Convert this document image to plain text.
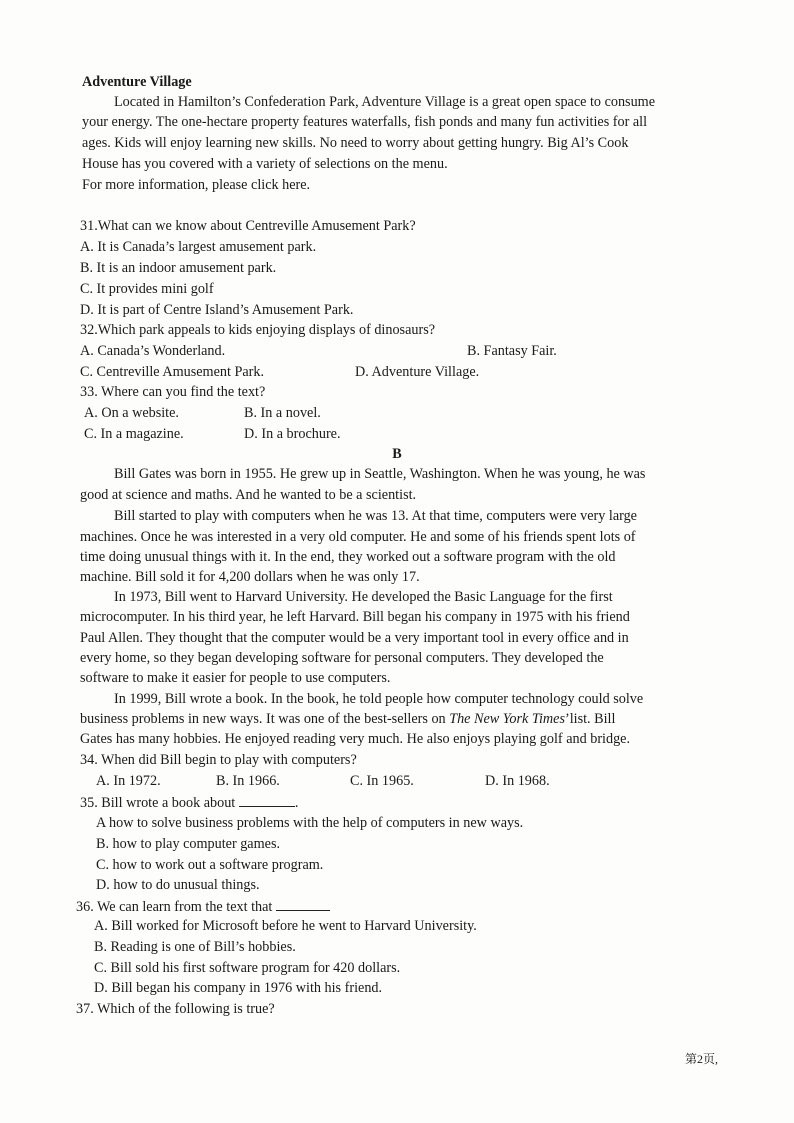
Adventure Village
Located in Hamilton’s Confederation Park, Adventure Village is a great open space to consume
your energy. The one-hectare property features waterfalls, fish ponds and many fun activities for all
ages. Kids will enjoy learning new skills. No need to worry about getting hungry. Big Al’s Cook
House has you covered with a variety of selections on the menu.
For more information, please click here.
31.What can we know about Centreville Amusement Park?
A. It is Canada’s largest amusement park.
B. It is an indoor amusement park.
C. It provides mini golf
D. It is part of Centre Island’s Amusement Park.
32.Which park appeals to kids enjoying displays of dinosaurs?
A. Canada’s Wonderland.	B. Fantasy Fair.
C. Centreville Amusement Park.	D. Adventure Village.
33. Where can you find the text?
A. On a website.	B. In a novel.
C. In a magazine.	D. In a brochure.
B
Bill Gates was born in 1955. He grew up in Seattle, Washington. When he was young, he was
good at science and maths. And he wanted to be a scientist.
Bill started to play with computers when he was 13. At that time, computers were very large
machines. Once he was interested in a very old computer. He and some of his friends spent lots of
time doing unusual things with it. In the end, they worked out a software program with the old
machine. Bill sold it for 4,200 dollars when he was only 17.
In 1973, Bill went to Harvard University. He developed the Basic Language for the first
microcomputer. In his third year, he left Harvard. Bill began his company in 1975 with his friend
Paul Allen. They thought that the computer would be a very important tool in every office and in
every home, so they began developing software for personal computers. They developed the
software to make it easier for people to use computers.
In 1999, Bill wrote a book. In the book, he told people how computer technology could solve
business problems in new ways. It was one of the best-sellers on The New York Times’list. Bill
Gates has many hobbies. He enjoyed reading very much. He also enjoys playing golf and bridge.
34. When did Bill begin to play with computers?
A. In 1972.	B. In 1966.	C. In 1965.	D. In 1968.
35. Bill wrote a book about	.
A how to solve business problems with the help of computers in new ways.
B. how to play computer games.
C. how to work out a software program.
D. how to do unusual things.
36. We can learn from the text that
A. Bill worked for Microsoft before he went to Harvard University.
B. Reading is one of Bill’s hobbies.
C. Bill sold his first software program for 420 dollars.
D. Bill began his company in 1976 with his friend.
37. Which of the following is true?
第2页,
